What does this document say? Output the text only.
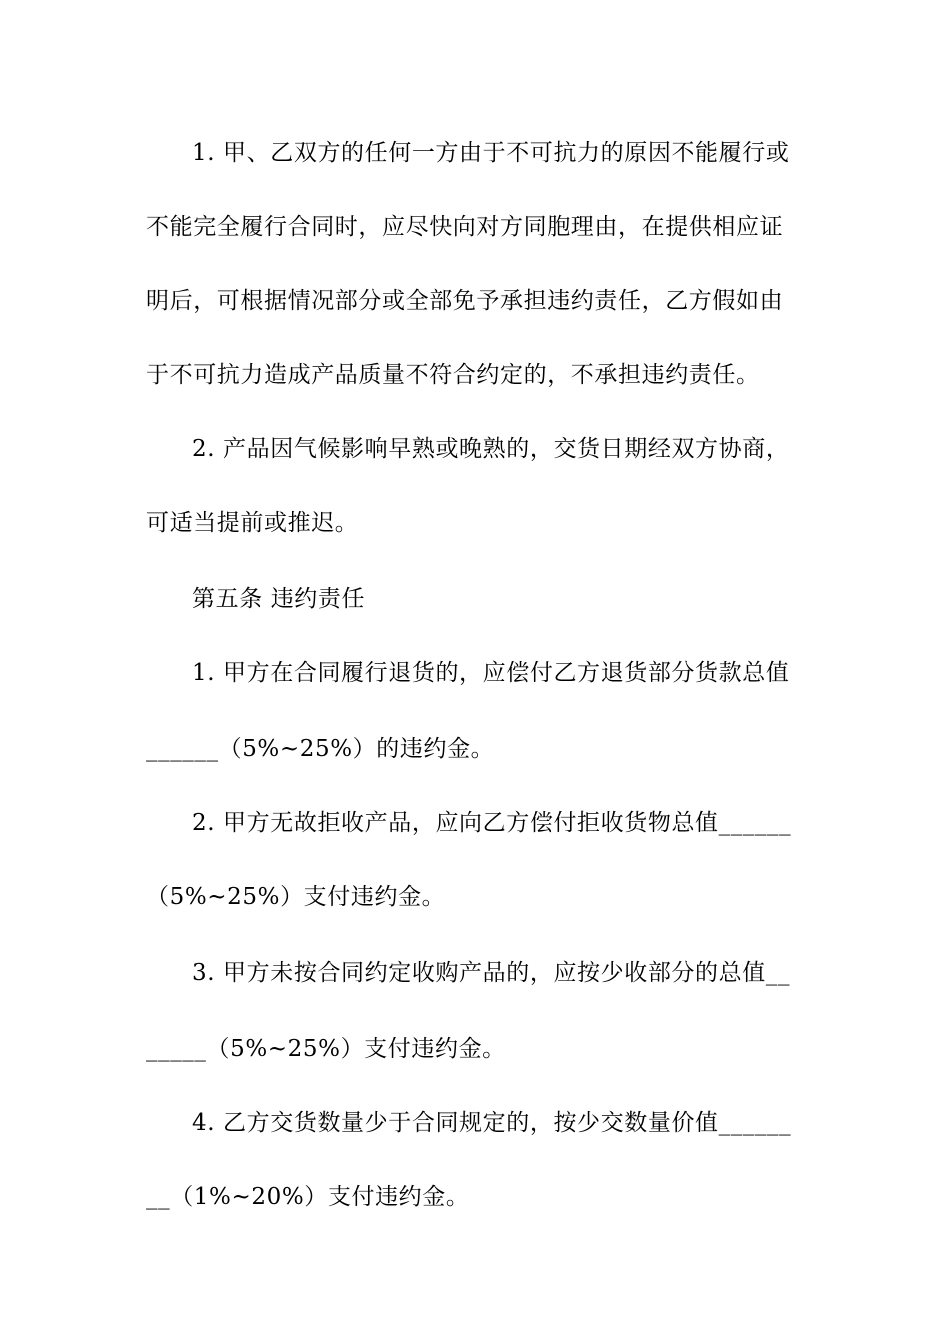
1. 甲、乙双方的任何一方由于不可抗力的原因不能履行或
不能完全履行合同时，应尽快向对方同胞理由，在提供相应证
明后，可根据情况部分或全部免予承担违约责任，乙方假如由
于不可抗力造成产品质量不符合约定的，不承担违约责任。
2. 产品因气候影响早熟或晚熟的，交货日期经双方协商，
可适当提前或推迟。
第五条 违约责任
1. 甲方在合同履行退货的，应偿付乙方退货部分货款总值
______（5%~25%）的违约金。
2. 甲方无故拒收产品，应向乙方偿付拒收货物总值______
（5%~25%）支付违约金。
3. 甲方未按合同约定收购产品的，应按少收部分的总值__
_____（5%~25%）支付违约金。
4. 乙方交货数量少于合同规定的，按少交数量价值______
__（1%~20%）支付违约金。
